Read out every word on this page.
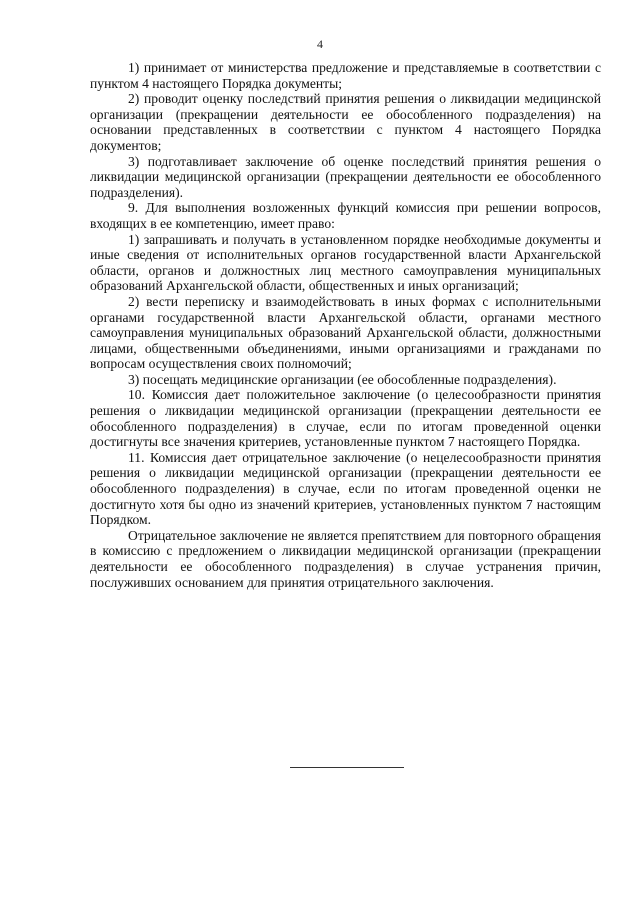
4

1) принимает от министерства предложение и представляемые в соответствии с пунктом 4 настоящего Порядка документы;

2) проводит оценку последствий принятия решения о ликвидации медицинской организации (прекращении деятельности ее обособленного подразделения) на основании представленных в соответствии с пунктом 4 настоящего Порядка документов;

3) подготавливает заключение об оценке последствий принятия решения о ликвидации медицинской организации (прекращении деятельности ее обособленного подразделения).

9. Для выполнения возложенных функций комиссия при решении вопросов, входящих в ее компетенцию, имеет право:

1) запрашивать и получать в установленном порядке необходимые документы и иные сведения от исполнительных органов государственной власти Архангельской области, органов и должностных лиц местного самоуправления муниципальных образований Архангельской области, общественных и иных организаций;

2) вести переписку и взаимодействовать в иных формах с исполнительными органами государственной власти Архангельской области, органами местного самоуправления муниципальных образований Архангельской области, должностными лицами, общественными объединениями, иными организациями и гражданами по вопросам осуществления своих полномочий;

3) посещать медицинские организации (ее обособленные подразделения).

10. Комиссия дает положительное заключение (о целесообразности принятия решения о ликвидации медицинской организации (прекращении деятельности ее обособленного подразделения) в случае, если по итогам проведенной оценки достигнуты все значения критериев, установленные пунктом 7 настоящего Порядка.

11. Комиссия дает отрицательное заключение (о нецелесообразности принятия решения о ликвидации медицинской организации (прекращении деятельности ее обособленного подразделения) в случае, если по итогам проведенной оценки не достигнуто хотя бы одно из значений критериев, установленных пунктом 7 настоящим Порядком.

Отрицательное заключение не является препятствием для повторного обращения в комиссию с предложением о ликвидации медицинской организации (прекращении деятельности ее обособленного подразделения) в случае устранения причин, послуживших основанием для принятия отрицательного заключения.
